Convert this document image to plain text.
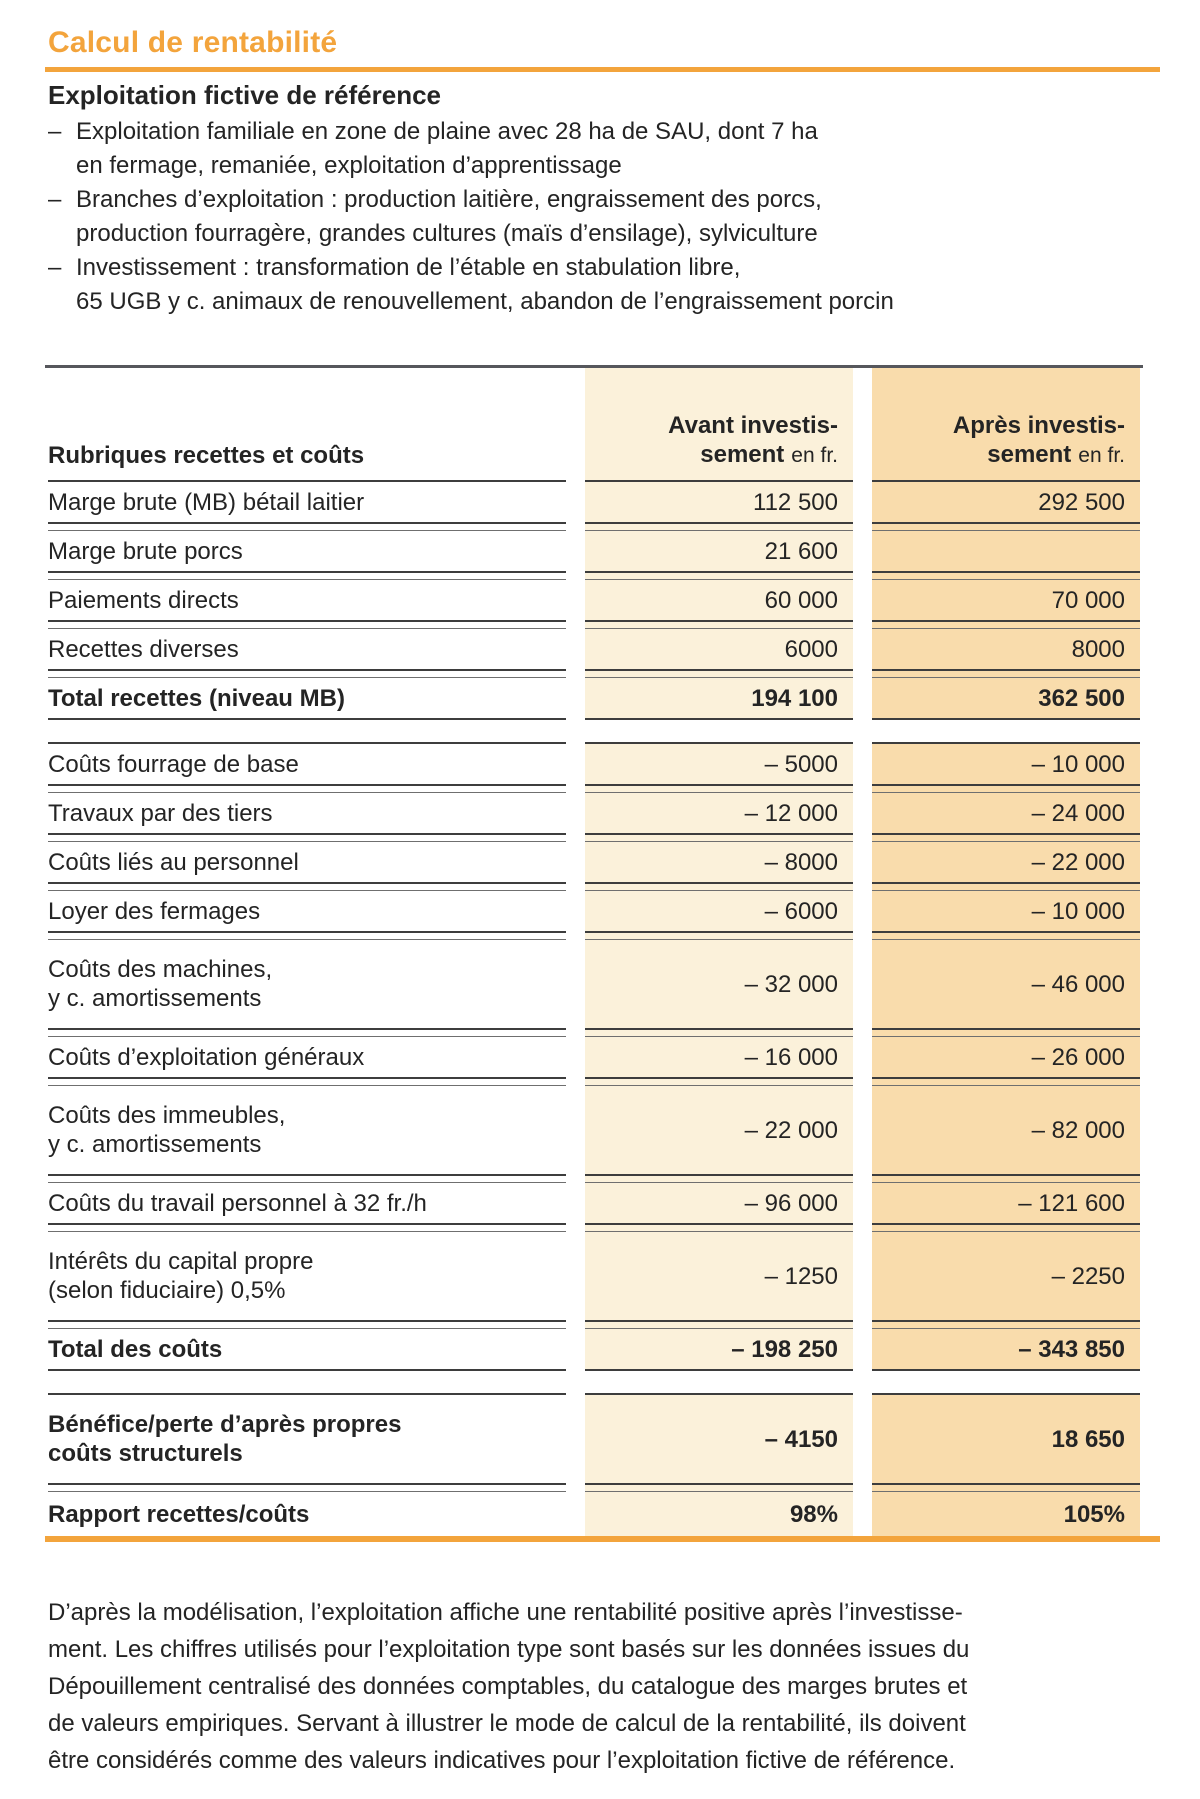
Calcul de rentabilité
Exploitation fictive de référence
– Exploitation familiale en zone de plaine avec 28 ha de SAU, dont 7 ha
en fermage, remaniée, exploitation d’apprentissage
– Branches d’exploitation : production laitière, engraissement des porcs,
production fourragère, grandes cultures (maïs d’ensilage), sylviculture
– Investissement : transformation de l’étable en stabulation libre,
65 UGB y c. animaux de renouvellement, abandon de l’engraissement porcin
Rubriques recettes et coûts
Avant investis-
sement en fr.
Après investis-
sement en fr.
Marge brute (MB) bétail laitier	112 500	292 500
Marge brute porcs	21 600
Paiements directs	60 000	70 000
Recettes diverses	6000	8000
Total recettes (niveau MB)	194 100	362 500
Coûts fourrage de base	– 5000	– 10 000
Travaux par des tiers	– 12 000	– 24 000
Coûts liés au personnel	– 8000	– 22 000
Loyer des fermages	– 6000	– 10 000
Coûts des machines,
y c. amortissements
– 32 000	– 46 000
Coûts d’exploitation généraux	– 16 000	– 26 000
Coûts des immeubles,
y c. amortissements
– 22 000	– 82 000
Coûts du travail personnel à 32 fr./h	– 96 000	– 121 600
Intérêts du capital propre
(selon fiduciaire) 0,5%
– 1250	– 2250
Total des coûts	– 198 250	– 343 850
Bénéfice/perte d’après propres
coûts structurels
– 4150	18 650
Rapport recettes/coûts	98%	105%
D’après la modélisation, l’exploitation affiche une rentabilité positive après l’investisse-
ment. Les chiffres utilisés pour l’exploitation type sont basés sur les données issues du
Dépouillement centralisé des données comptables, du catalogue des marges brutes et
de valeurs empiriques. Servant à illustrer le mode de calcul de la rentabilité, ils doivent
être considérés comme des valeurs indicatives pour l’exploitation fictive de référence.
